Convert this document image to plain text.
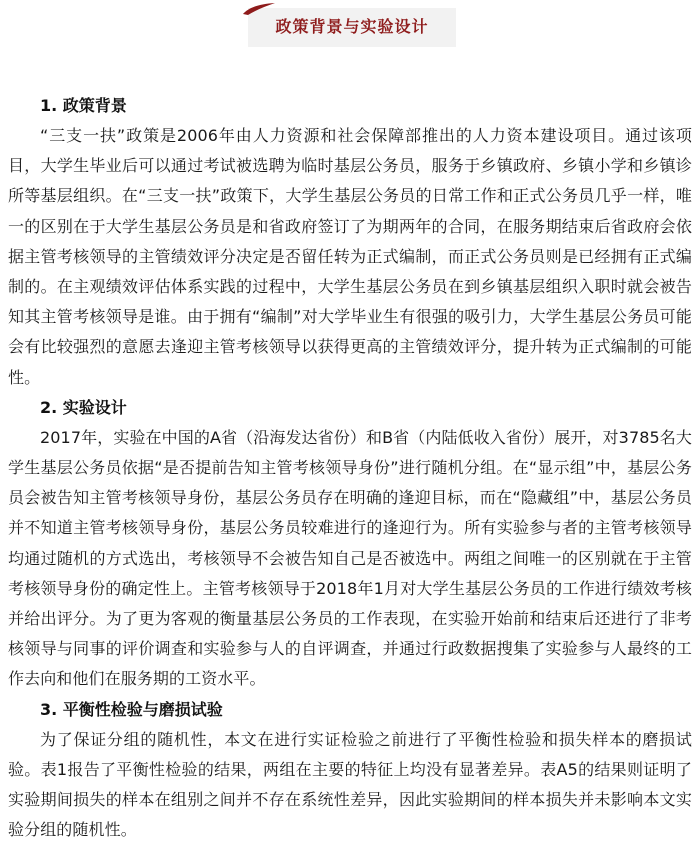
政策背景与实验设计
1. 政策背景

“三支一扶”政策是2006年由人力资源和社会保障部推出的人力资本建设项目。通过该项目，大学生毕业后可以通过考试被选聘为临时基层公务员，服务于乡镇政府、乡镇小学和乡镇诊所等基层组织。在“三支一扶”政策下，大学生基层公务员的日常工作和正式公务员几乎一样，唯一的区别在于大学生基层公务员是和省政府签订了为期两年的合同，在服务期结束后省政府会依据主管考核领导的主管绩效评分决定是否留任转为正式编制，而正式公务员则是已经拥有正式编制的。在主观绩效评估体系实践的过程中，大学生基层公务员在到乡镇基层组织入职时就会被告知其主管考核领导是谁。由于拥有“编制”对大学毕业生有很强的吸引力，大学生基层公务员可能会有比较强烈的意愿去逢迎主管考核领导以获得更高的主管绩效评分，提升转为正式编制的可能性。

2. 实验设计

2017年，实验在中国的A省（沿海发达省份）和B省（内陆低收入省份）展开，对3785名大学生基层公务员依据“是否提前告知主管考核领导身份”进行随机分组。在“显示组”中，基层公务员会被告知主管考核领导身份，基层公务员存在明确的逢迎目标，而在“隐藏组”中，基层公务员并不知道主管考核领导身份，基层公务员较难进行的逢迎行为。所有实验参与者的主管考核领导均通过随机的方式选出，考核领导不会被告知自己是否被选中。两组之间唯一的区别就在于主管考核领导身份的确定性上。主管考核领导于2018年1月对大学生基层公务员的工作进行绩效考核并给出评分。为了更为客观的衡量基层公务员的工作表现，在实验开始前和结束后还进行了非考核领导与同事的评价调查和实验参与人的自评调查，并通过行政数据搜集了实验参与人最终的工作去向和他们在服务期的工资水平。

3. 平衡性检验与磨损试验

为了保证分组的随机性，本文在进行实证检验之前进行了平衡性检验和损失样本的磨损试验。表1报告了平衡性检验的结果，两组在主要的特征上均没有显著差异。表A5的结果则证明了实验期间损失的样本在组别之间并不存在系统性差异，因此实验期间的样本损失并未影响本文实验分组的随机性。
